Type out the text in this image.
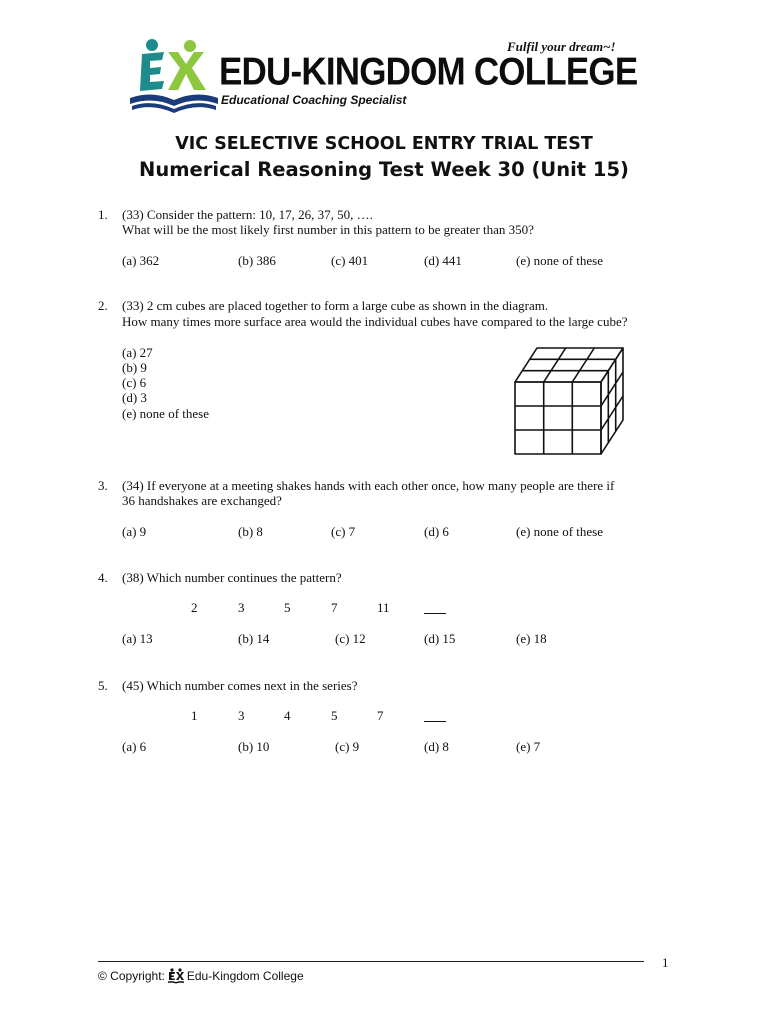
Fulfil your dream~!
EDU-KINGDOM COLLEGE
Educational Coaching Specialist
VIC SELECTIVE SCHOOL ENTRY TRIAL TEST
Numerical Reasoning Test Week 30 (Unit 15)
1. (33) Consider the pattern: 10, 17, 26, 37, 50, ….
What will be the most likely first number in this pattern to be greater than 350?
(a) 362	(b) 386	(c) 401	(d) 441	(e) none of these
2. (33) 2 cm cubes are placed together to form a large cube as shown in the diagram.
How many times more surface area would the individual cubes have compared to the large cube?
(a) 27
(b) 9
(c) 6
(d) 3
(e) none of these
3. (34) If everyone at a meeting shakes hands with each other once, how many people are there if
36 handshakes are exchanged?
(a) 9	(b) 8	(c) 7	(d) 6	(e) none of these
4. (38) Which number continues the pattern?
2	3	5	7	11
(a) 13	(b) 14	(c) 12	(d) 15	(e) 18
5. (45) Which number comes next in the series?
1	3	4	5	7
(a) 6	(b) 10	(c) 9	(d) 8	(e) 7
1
© Copyright: Edu-Kingdom College
